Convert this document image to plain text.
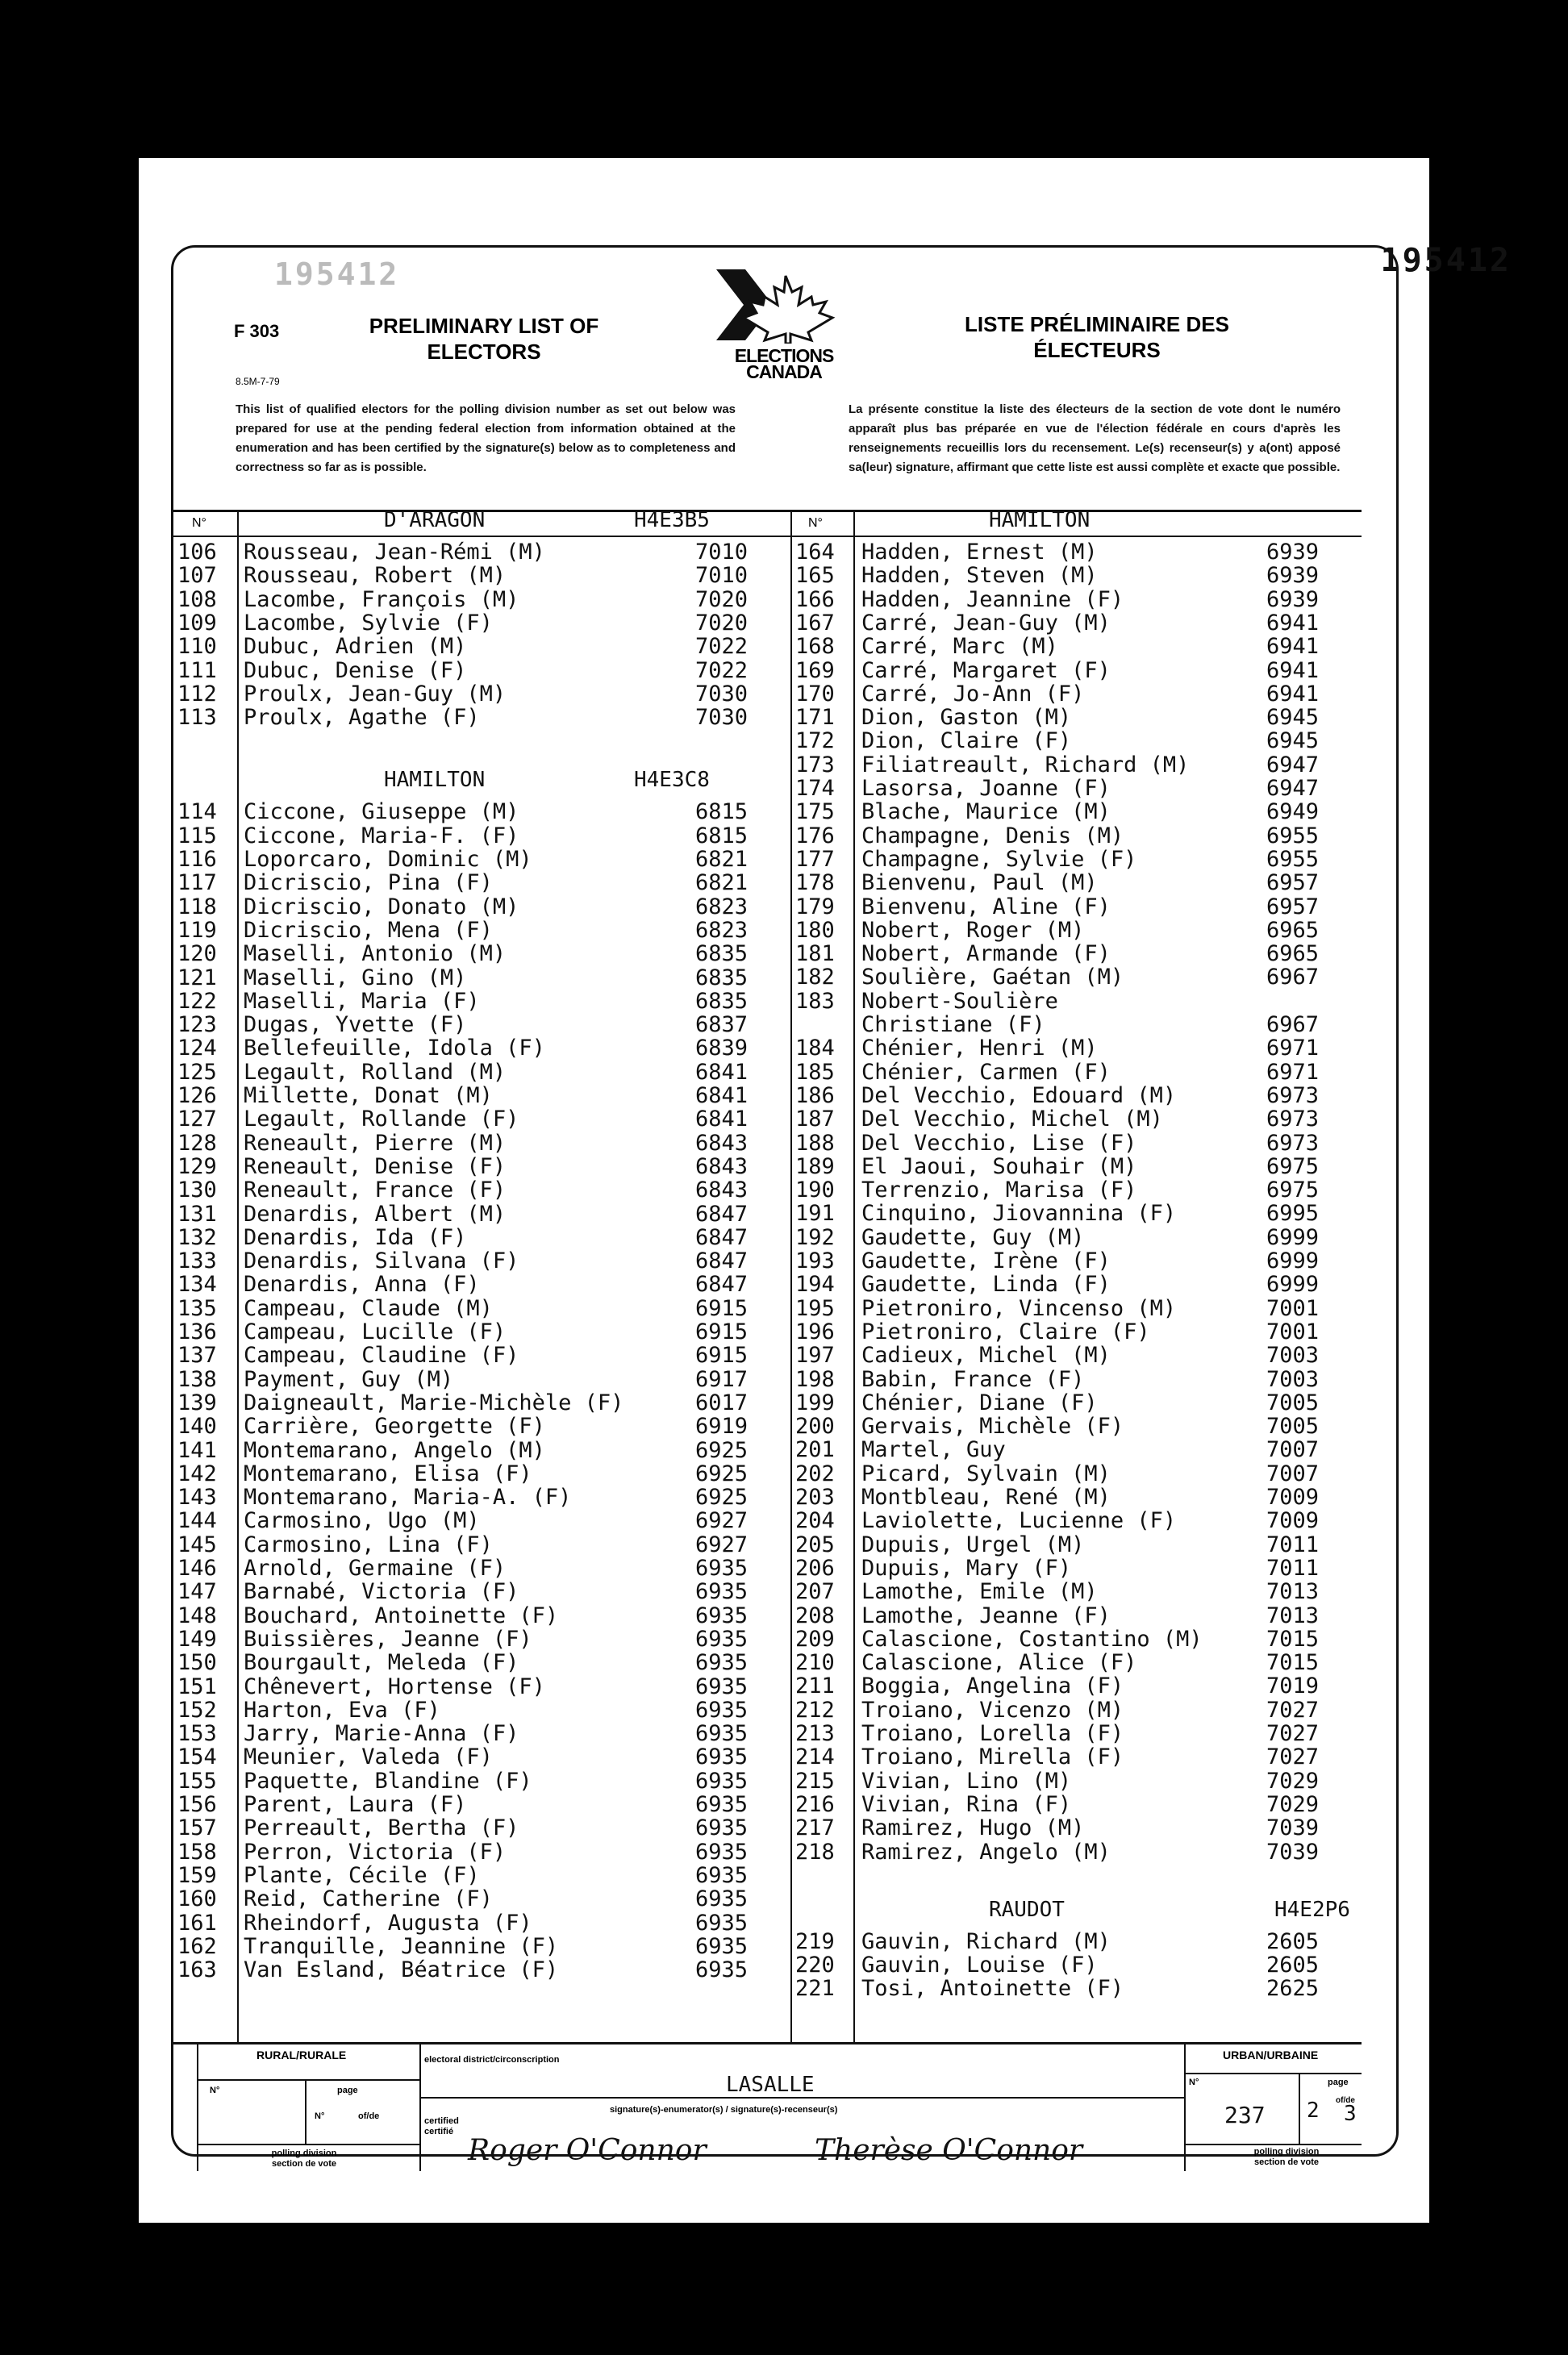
195412	195412
F 303
8.5M-7-79
PRELIMINARY LIST OF ELECTORS
LISTE PRÉLIMINAIRE DES ÉLECTEURS
ELECTIONS CANADA
This list of qualified electors for the polling division number as set out below was prepared for use at the pending federal election from information obtained at the enumeration and has been certified by the signature(s) below as to completeness and correctness so far as is possible.
La présente constitue la liste des électeurs de la section de vote dont le numéro apparaît plus bas préparée en vue de l'élection fédérale en cours d'après les renseignements recueillis lors du recensement. Le(s) recenseur(s) y a(ont) apposé sa(leur) signature, affirmant que cette liste est aussi complète et exacte que possible.
N°	N°
D'ARAGON	H4E3B5
106	Rousseau, Jean-Rémi (M)	7010
107	Rousseau, Robert (M)	7010
108	Lacombe, François (M)	7020
109	Lacombe, Sylvie (F)	7020
110	Dubuc, Adrien (M)	7022
111	Dubuc, Denise (F)	7022
112	Proulx, Jean-Guy (M)	7030
113	Proulx, Agathe (F)	7030
HAMILTON	H4E3C8
114	Ciccone, Giuseppe (M)	6815
115	Ciccone, Maria-F. (F)	6815
116	Loporcaro, Dominic (M)	6821
117	Dicriscio, Pina (F)	6821
118	Dicriscio, Donato (M)	6823
119	Dicriscio, Mena (F)	6823
120	Maselli, Antonio (M)	6835
121	Maselli, Gino (M)	6835
122	Maselli, Maria (F)	6835
123	Dugas, Yvette (F)	6837
124	Bellefeuille, Idola (F)	6839
125	Legault, Rolland (M)	6841
126	Millette, Donat (M)	6841
127	Legault, Rollande (F)	6841
128	Reneault, Pierre (M)	6843
129	Reneault, Denise (F)	6843
130	Reneault, France (F)	6843
131	Denardis, Albert (M)	6847
132	Denardis, Ida (F)	6847
133	Denardis, Silvana (F)	6847
134	Denardis, Anna (F)	6847
135	Campeau, Claude (M)	6915
136	Campeau, Lucille (F)	6915
137	Campeau, Claudine (F)	6915
138	Payment, Guy (M)	6917
139	Daigneault, Marie-Michèle (F)	6017
140	Carrière, Georgette (F)	6919
141	Montemarano, Angelo (M)	6925
142	Montemarano, Elisa (F)	6925
143	Montemarano, Maria-A. (F)	6925
144	Carmosino, Ugo (M)	6927
145	Carmosino, Lina (F)	6927
146	Arnold, Germaine (F)	6935
147	Barnabé, Victoria (F)	6935
148	Bouchard, Antoinette (F)	6935
149	Buissières, Jeanne (F)	6935
150	Bourgault, Meleda (F)	6935
151	Chênevert, Hortense (F)	6935
152	Harton, Eva (F)	6935
153	Jarry, Marie-Anna (F)	6935
154	Meunier, Valeda (F)	6935
155	Paquette, Blandine (F)	6935
156	Parent, Laura (F)	6935
157	Perreault, Bertha (F)	6935
158	Perron, Victoria (F)	6935
159	Plante, Cécile (F)	6935
160	Reid, Catherine (F)	6935
161	Rheindorf, Augusta (F)	6935
162	Tranquille, Jeannine (F)	6935
163	Van Esland, Béatrice (F)	6935
HAMILTON
164	Hadden, Ernest (M)	6939
165	Hadden, Steven (M)	6939
166	Hadden, Jeannine (F)	6939
167	Carré, Jean-Guy (M)	6941
168	Carré, Marc (M)	6941
169	Carré, Margaret (F)	6941
170	Carré, Jo-Ann (F)	6941
171	Dion, Gaston (M)	6945
172	Dion, Claire (F)	6945
173	Filiatreault, Richard (M)	6947
174	Lasorsa, Joanne (F)	6947
175	Blache, Maurice (M)	6949
176	Champagne, Denis (M)	6955
177	Champagne, Sylvie (F)	6955
178	Bienvenu, Paul (M)	6957
179	Bienvenu, Aline (F)	6957
180	Nobert, Roger (M)	6965
181	Nobert, Armande (F)	6965
182	Soulière, Gaétan (M)	6967
183	Nobert-Soulière
Christiane (F)	6967
184	Chénier, Henri (M)	6971
185	Chénier, Carmen (F)	6971
186	Del Vecchio, Edouard (M)	6973
187	Del Vecchio, Michel (M)	6973
188	Del Vecchio, Lise (F)	6973
189	El Jaoui, Souhair (M)	6975
190	Terrenzio, Marisa (F)	6975
191	Cinquino, Jiovannina (F)	6995
192	Gaudette, Guy (M)	6999
193	Gaudette, Irène (F)	6999
194	Gaudette, Linda (F)	6999
195	Pietroniro, Vincenso (M)	7001
196	Pietroniro, Claire (F)	7001
197	Cadieux, Michel (M)	7003
198	Babin, France (F)	7003
199	Chénier, Diane (F)	7005
200	Gervais, Michèle (F)	7005
201	Martel, Guy	7007
202	Picard, Sylvain (M)	7007
203	Montbleau, René (M)	7009
204	Laviolette, Lucienne (F)	7009
205	Dupuis, Urgel (M)	7011
206	Dupuis, Mary (F)	7011
207	Lamothe, Emile (M)	7013
208	Lamothe, Jeanne (F)	7013
209	Calascione, Costantino (M)	7015
210	Calascione, Alice (F)	7015
211	Boggia, Angelina (F)	7019
212	Troiano, Vicenzo (M)	7027
213	Troiano, Lorella (F)	7027
214	Troiano, Mirella (F)	7027
215	Vivian, Lino (M)	7029
216	Vivian, Rina (F)	7029
217	Ramirez, Hugo (M)	7039
218	Ramirez, Angelo (M)	7039
RAUDOT	H4E2P6
219	Gauvin, Richard (M)	2605
220	Gauvin, Louise (F)	2605
221	Tosi, Antoinette (F)	2625
RURAL/RURALE
N°	page
N°	of/de
polling division section de vote
electoral district/circonscription
LASALLE
signature(s)-enumerator(s) / signature(s)-recenseur(s)
certified certifié
Roger O'Connor	Therèse O'Connor
URBAN/URBAINE
N°	page
237 2 of/de
3
polling division section de vote
